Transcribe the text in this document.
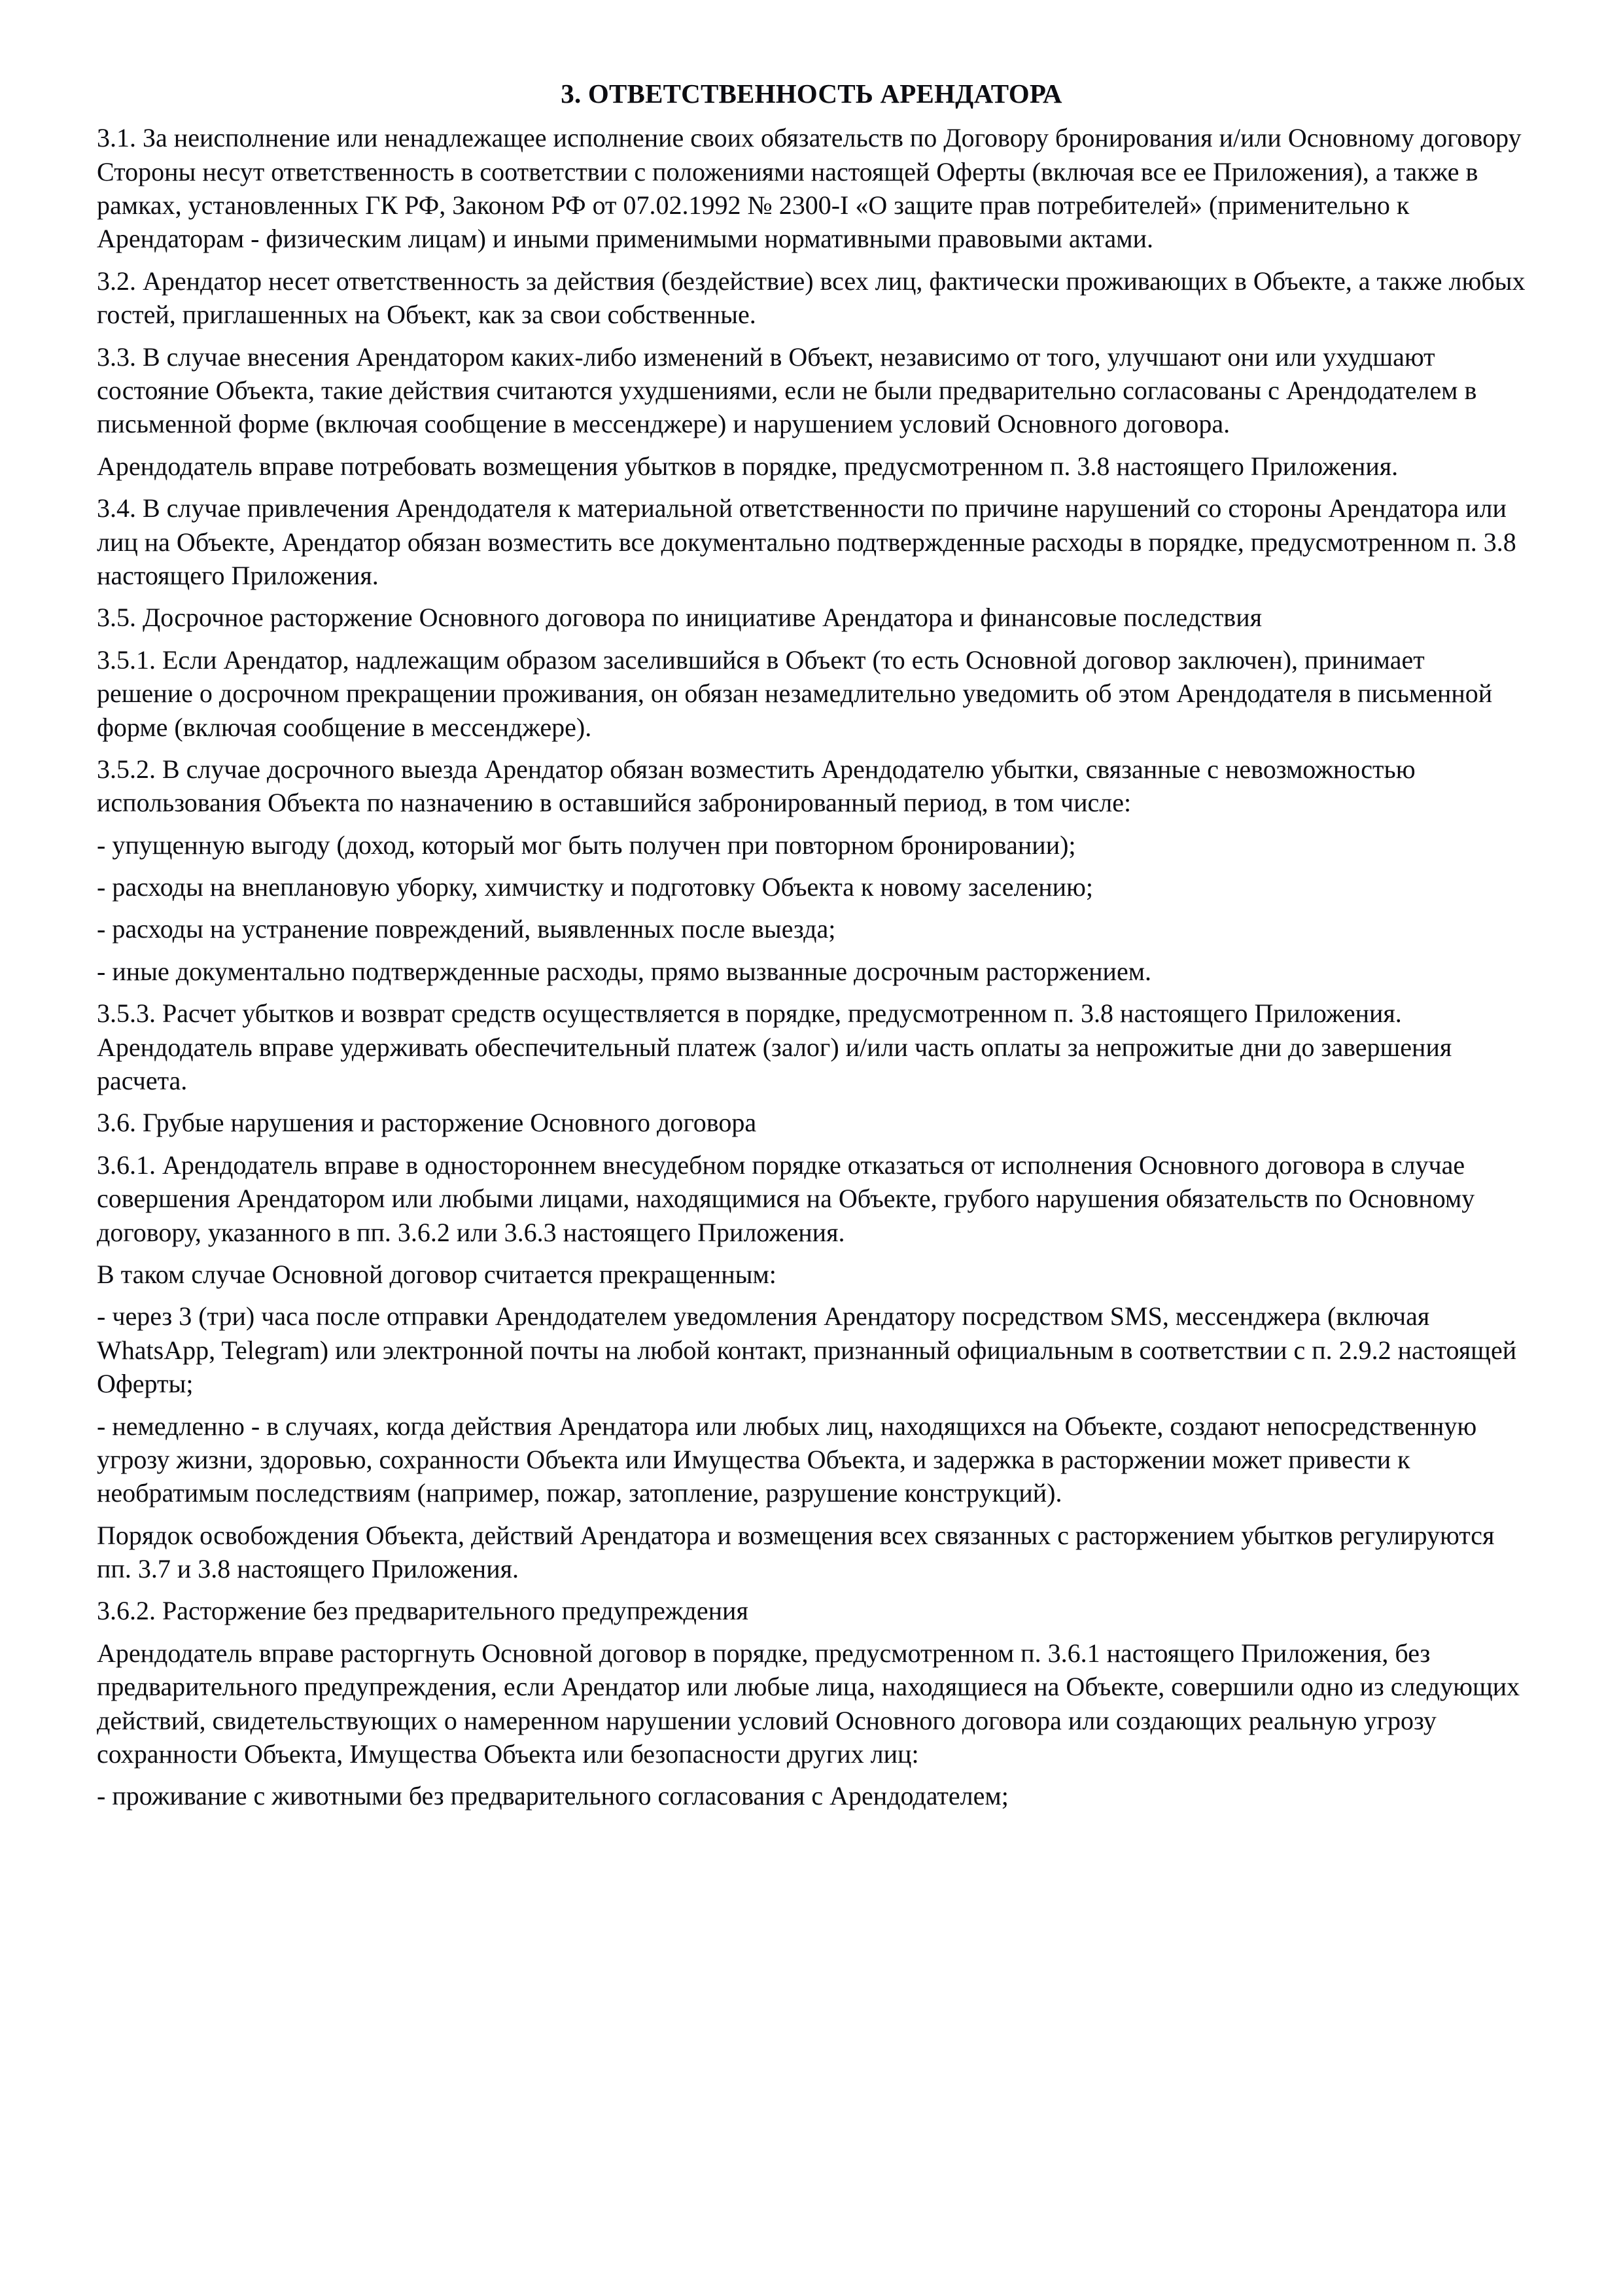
3. ОТВЕТСТВЕННОСТЬ АРЕНДАТОРА

3.1. За неисполнение или ненадлежащее исполнение своих обязательств по Договору бронирования и/или Основному договору Стороны несут ответственность в соответствии с положениями настоящей Оферты (включая все ее Приложения), а также в рамках, установленных ГК РФ, Законом РФ от 07.02.1992 № 2300-I «О защите прав потребителей» (применительно к Арендаторам - физическим лицам) и иными применимыми нормативными правовыми актами.

3.2. Арендатор несет ответственность за действия (бездействие) всех лиц, фактически проживающих в Объекте, а также любых гостей, приглашенных на Объект, как за свои собственные.

3.3. В случае внесения Арендатором каких-либо изменений в Объект, независимо от того, улучшают они или ухудшают состояние Объекта, такие действия считаются ухудшениями, если не были предварительно согласованы с Арендодателем в письменной форме (включая сообщение в мессенджере) и нарушением условий Основного договора.

Арендодатель вправе потребовать возмещения убытков в порядке, предусмотренном п. 3.8 настоящего Приложения.

3.4. В случае привлечения Арендодателя к материальной ответственности по причине нарушений со стороны Арендатора или лиц на Объекте, Арендатор обязан возместить все документально подтвержденные расходы в порядке, предусмотренном п. 3.8 настоящего Приложения.

3.5. Досрочное расторжение Основного договора по инициативе Арендатора и финансовые последствия

3.5.1. Если Арендатор, надлежащим образом заселившийся в Объект (то есть Основной договор заключен), принимает решение о досрочном прекращении проживания, он обязан незамедлительно уведомить об этом Арендодателя в письменной форме (включая сообщение в мессенджере).

3.5.2. В случае досрочного выезда Арендатор обязан возместить Арендодателю убытки, связанные с невозможностью использования Объекта по назначению в оставшийся забронированный период, в том числе:

- упущенную выгоду (доход, который мог быть получен при повторном бронировании);

- расходы на внеплановую уборку, химчистку и подготовку Объекта к новому заселению;

- расходы на устранение повреждений, выявленных после выезда;

- иные документально подтвержденные расходы, прямо вызванные досрочным расторжением.

3.5.3. Расчет убытков и возврат средств осуществляется в порядке, предусмотренном п. 3.8 настоящего Приложения. Арендодатель вправе удерживать обеспечительный платеж (залог) и/или часть оплаты за непрожитые дни до завершения расчета.

3.6. Грубые нарушения и расторжение Основного договора

3.6.1. Арендодатель вправе в одностороннем внесудебном порядке отказаться от исполнения Основного договора в случае совершения Арендатором или любыми лицами, находящимися на Объекте, грубого нарушения обязательств по Основному договору, указанного в пп. 3.6.2 или 3.6.3 настоящего Приложения.

В таком случае Основной договор считается прекращенным:

- через 3 (три) часа после отправки Арендодателем уведомления Арендатору посредством SMS, мессенджера (включая WhatsApp, Telegram) или электронной почты на любой контакт, признанный официальным в соответствии с п. 2.9.2 настоящей Оферты;

- немедленно - в случаях, когда действия Арендатора или любых лиц, находящихся на Объекте, создают непосредственную угрозу жизни, здоровью, сохранности Объекта или Имущества Объекта, и задержка в расторжении может привести к необратимым последствиям (например, пожар, затопление, разрушение конструкций).

Порядок освобождения Объекта, действий Арендатора и возмещения всех связанных с расторжением убытков регулируются пп. 3.7 и 3.8 настоящего Приложения.

3.6.2. Расторжение без предварительного предупреждения

Арендодатель вправе расторгнуть Основной договор в порядке, предусмотренном п. 3.6.1 настоящего Приложения, без предварительного предупреждения, если Арендатор или любые лица, находящиеся на Объекте, совершили одно из следующих действий, свидетельствующих о намеренном нарушении условий Основного договора или создающих реальную угрозу сохранности Объекта, Имущества Объекта или безопасности других лиц:

- проживание с животными без предварительного согласования с Арендодателем;
